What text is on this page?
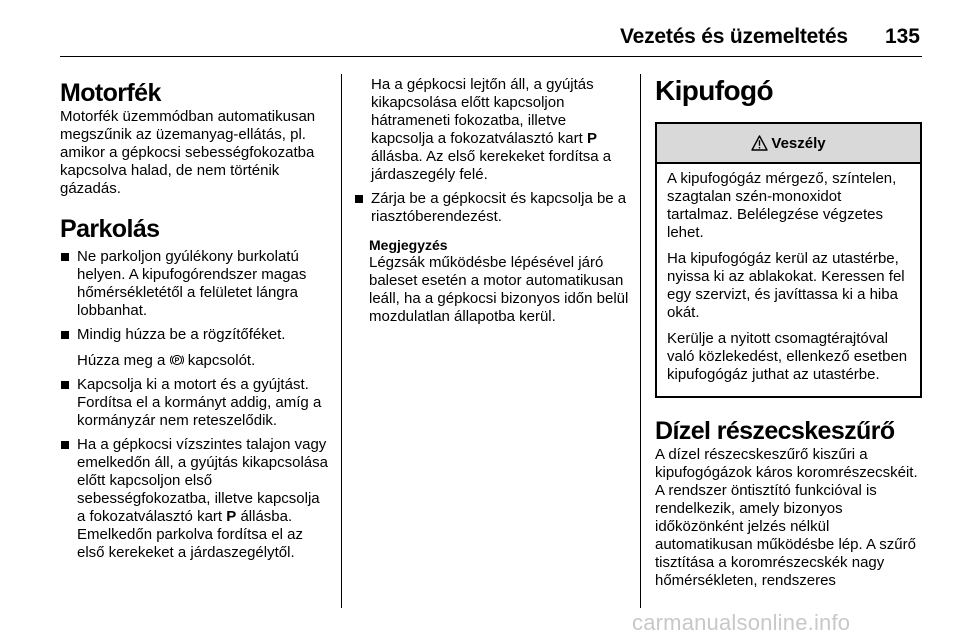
Vezetés és üzemeltetés 135
Motorfék

Motorfék üzemmódban automatikusan megszűnik az üzemanyag-ellátás, pl. amikor a gépkocsi sebességfokozatba kapcsolva halad, de nem történik gázadás.

Parkolás
Ne parkoljon gyúlékony burkolatú helyen. A kipufogórendszer magas hőmérsékletétől a felületet lángra lobbanhat.
Mindig húzza be a rögzítőféket.
Húzza meg a P kapcsolót.
Kapcsolja ki a motort és a gyújtást. Fordítsa el a kormányt addig, amíg a kormányzár nem reteszelődik.
Ha a gépkocsi vízszintes talajon vagy emelkedőn áll, a gyújtás kikapcsolása előtt kapcsoljon első sebességfokozatba, illetve kapcsolja a fokozatválasztó kart P állásba. Emelkedőn parkolva fordítsa el az első kerekeket a járdaszegélytől.
Ha a gépkocsi lejtőn áll, a gyújtás kikapcsolása előtt kapcsoljon hátrameneti fokozatba, illetve kapcsolja a fokozatválasztó kart P állásba. Az első kerekeket fordítsa a járdaszegély felé.
Zárja be a gépkocsit és kapcsolja be a riasztóberendezést.
Megjegyzés

Légzsák működésbe lépésével járó baleset esetén a motor automatikusan leáll, ha a gépkocsi bizonyos időn belül mozdulatlan állapotba kerül.

Kipufogó
Veszély

A kipufogógáz mérgező, színtelen, szagtalan szén-monoxidot tartalmaz. Belélegzése végzetes lehet.

Ha kipufogógáz kerül az utastérbe, nyissa ki az ablakokat. Keressen fel egy szervizt, és javíttassa ki a hiba okát.

Kerülje a nyitott csomagtérajtóval való közlekedést, ellenkező esetben kipufogógáz juthat az utastérbe.

Dízel részecskeszűrő

A dízel részecskeszűrő kiszűri a kipufogógázok káros koromrészecskéit. A rendszer öntisztító funkcióval is rendelkezik, amely bizonyos időközönként jelzés nélkül automatikusan működésbe lép. A szűrő tisztítása a koromrészecskék nagy hőmérsékleten, rendszeres

carmanualsonline.info
